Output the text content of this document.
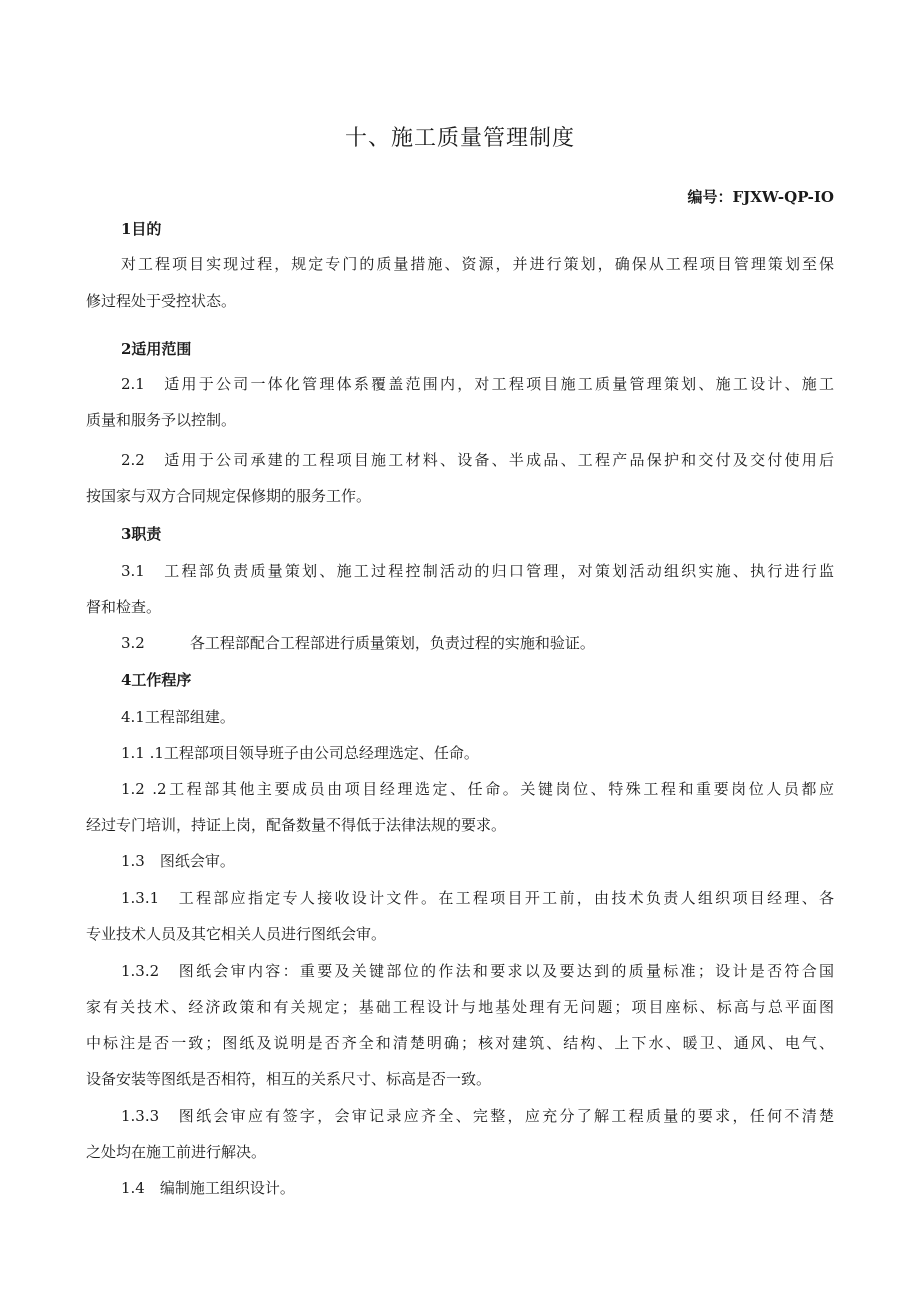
十、施工质量管理制度
编号：FJXW-QP-IO
1目的
对工程项目实现过程，规定专门的质量措施、资源，并进行策划，确保从工程项目管理策划至保
修过程处于受控状态。
2适用范围
2.1　适用于公司一体化管理体系覆盖范围内，对工程项目施工质量管理策划、施工设计、施工
质量和服务予以控制。
2.2　适用于公司承建的工程项目施工材料、设备、半成品、工程产品保护和交付及交付使用后
按国家与双方合同规定保修期的服务工作。
3职责
3.1　工程部负责质量策划、施工过程控制活动的归口管理，对策划活动组织实施、执行进行监
督和检查。
3.2　　　各工程部配合工程部进行质量策划，负责过程的实施和验证。
4工作程序
4.1工程部组建。
1.1 .1工程部项目领导班子由公司总经理选定、任命。
1.2 .2工程部其他主要成员由项目经理选定、任命。关键岗位、特殊工程和重要岗位人员都应
经过专门培训，持证上岗，配备数量不得低于法律法规的要求。
1.3　图纸会审。
1.3.1　工程部应指定专人接收设计文件。在工程项目开工前，由技术负责人组织项目经理、各
专业技术人员及其它相关人员进行图纸会审。
1.3.2　图纸会审内容：重要及关键部位的作法和要求以及要达到的质量标准；设计是否符合国
家有关技术、经济政策和有关规定；基础工程设计与地基处理有无问题；项目座标、标高与总平面图
中标注是否一致；图纸及说明是否齐全和清楚明确；核对建筑、结构、上下水、暖卫、通风、电气、
设备安装等图纸是否相符，相互的关系尺寸、标高是否一致。
1.3.3　图纸会审应有签字，会审记录应齐全、完整，应充分了解工程质量的要求，任何不清楚
之处均在施工前进行解决。
1.4　编制施工组织设计。
